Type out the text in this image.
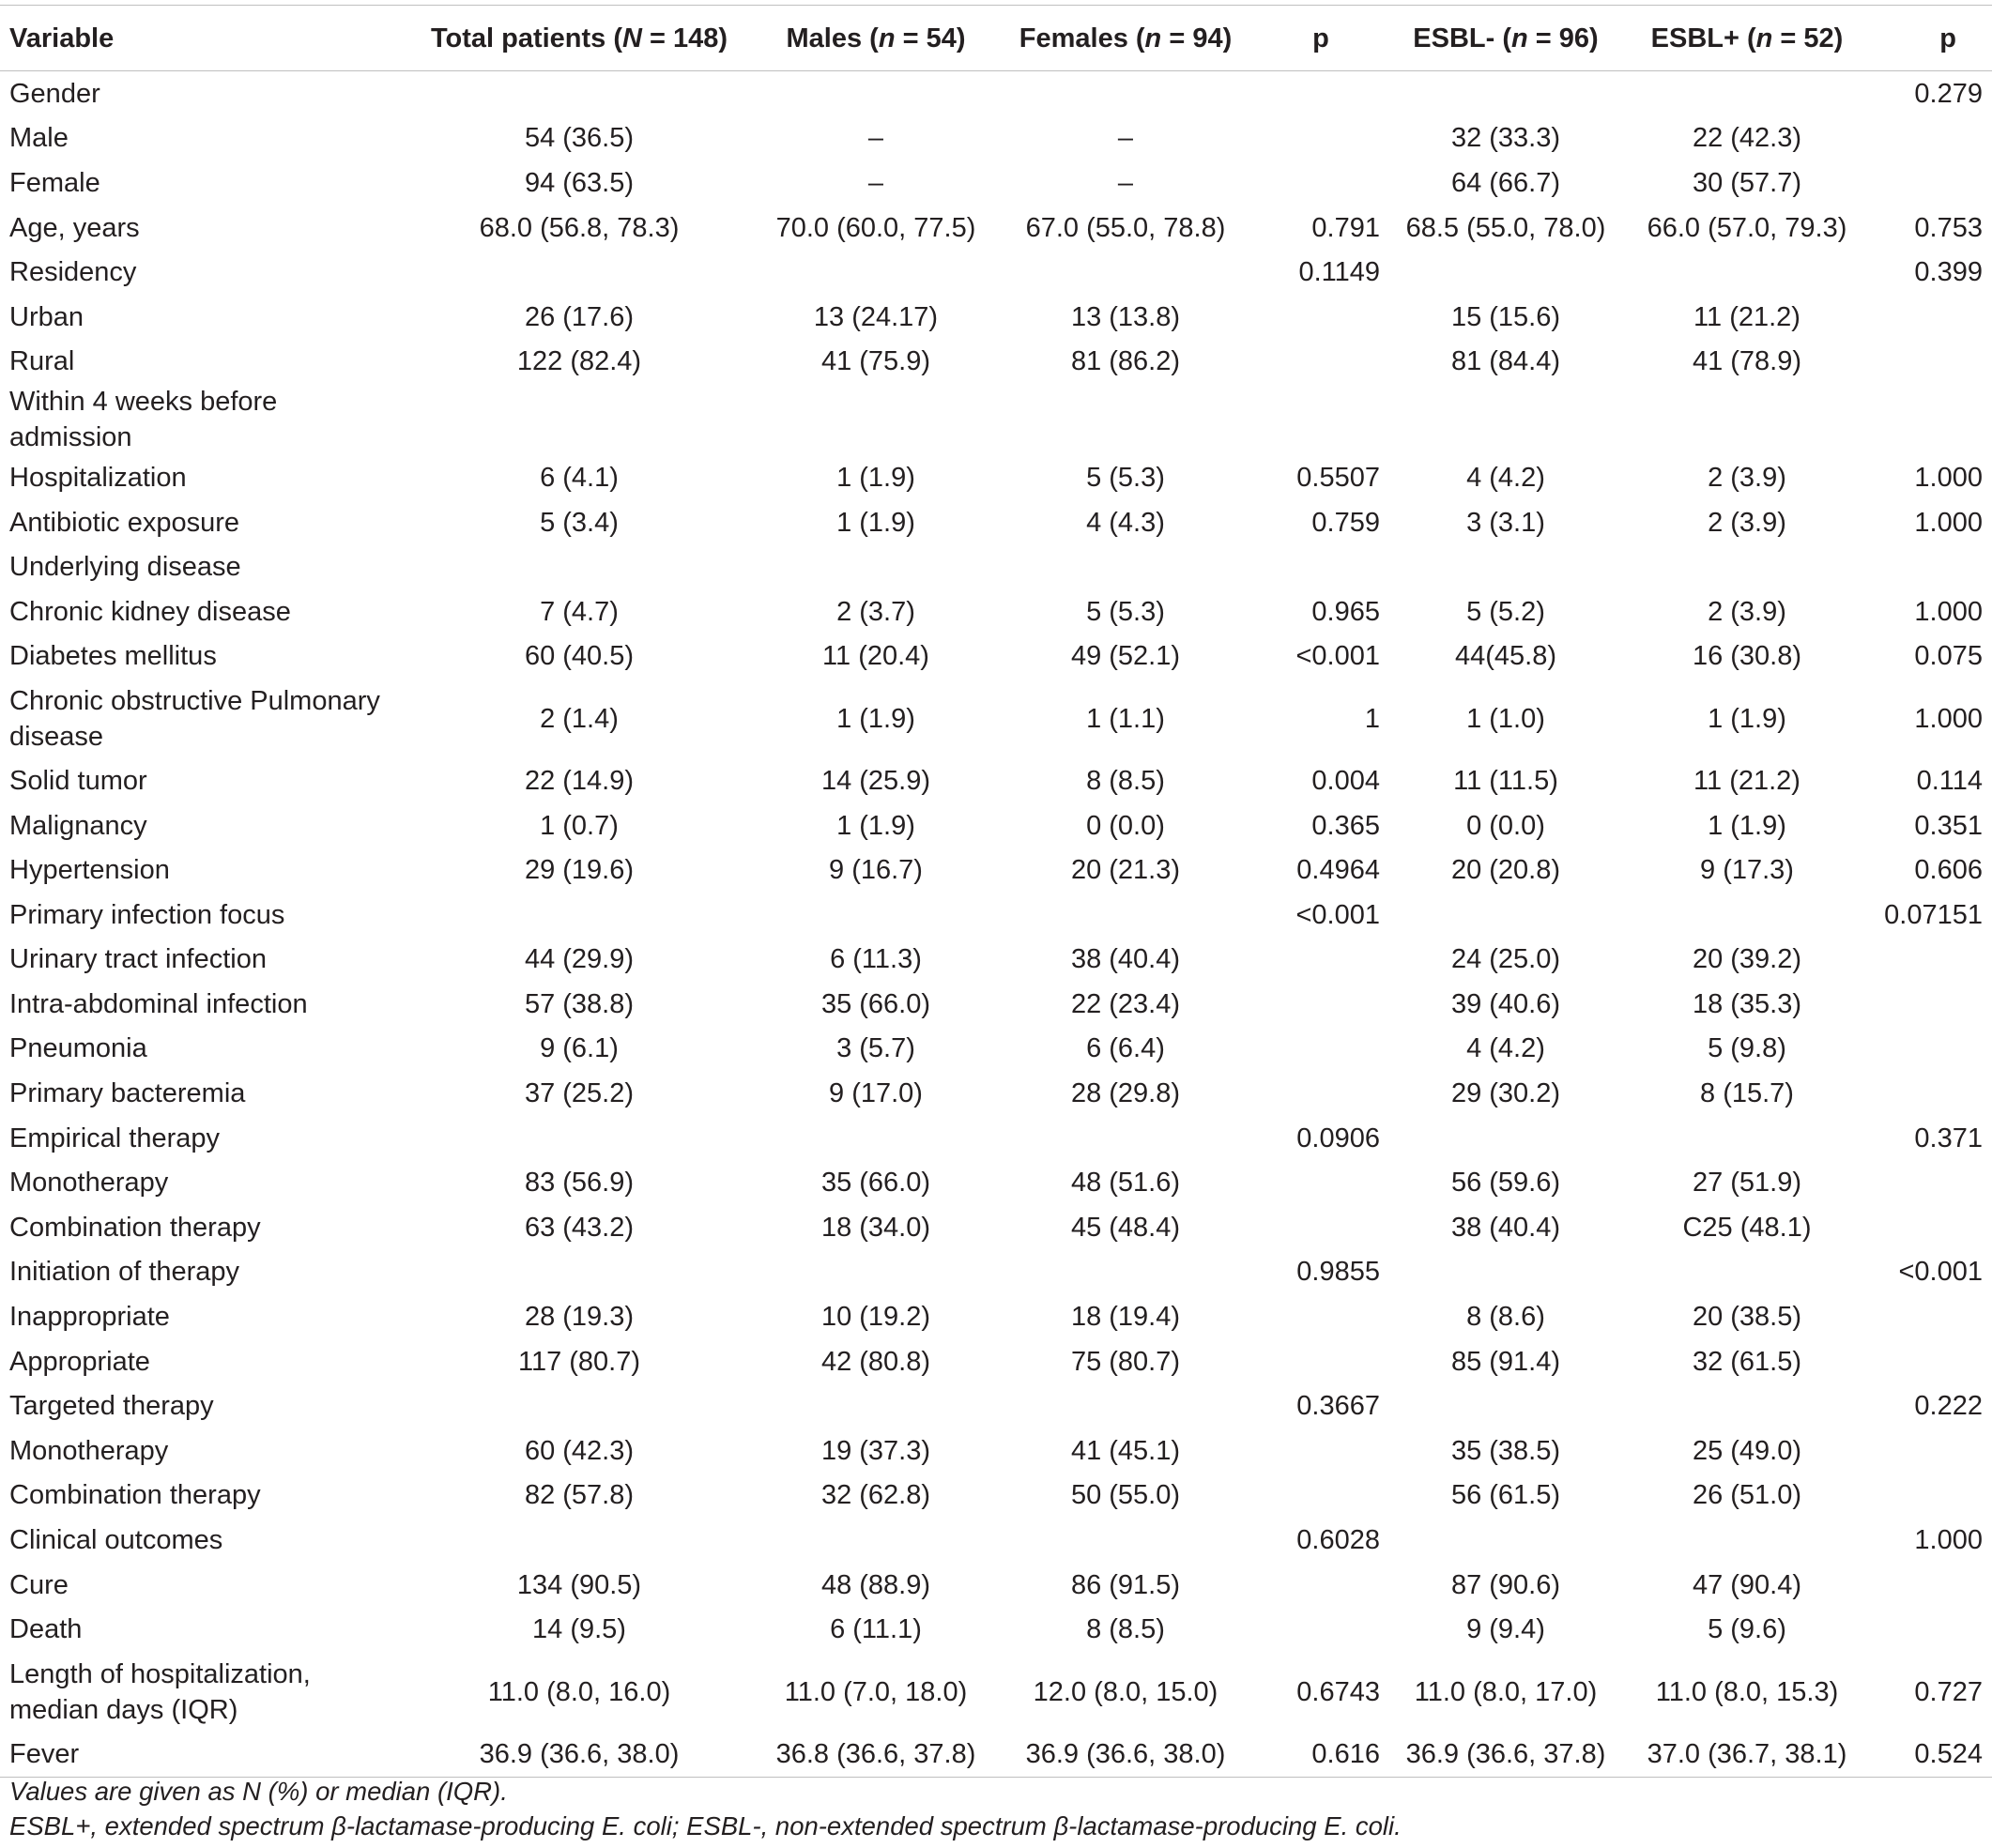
Variable	Total patients (N = 148)	Males (n = 54)	Females (n = 94)	p	ESBL- (n = 96)	ESBL+ (n = 52)	p
Gender							0.279
Male	54 (36.5)	–	–		32 (33.3)	22 (42.3)	
Female	94 (63.5)	–	–		64 (66.7)	30 (57.7)	
Age, years	68.0 (56.8, 78.3)	70.0 (60.0, 77.5)	67.0 (55.0, 78.8)	0.791	68.5 (55.0, 78.0)	66.0 (57.0, 79.3)	0.753
Residency				0.1149			0.399
Urban	26 (17.6)	13 (24.17)	13 (13.8)		15 (15.6)	11 (21.2)	
Rural	122 (82.4)	41 (75.9)	81 (86.2)		81 (84.4)	41 (78.9)	
Within 4 weeks before admission							
Hospitalization	6 (4.1)	1 (1.9)	5 (5.3)	0.5507	4 (4.2)	2 (3.9)	1.000
Antibiotic exposure	5 (3.4)	1 (1.9)	4 (4.3)	0.759	3 (3.1)	2 (3.9)	1.000
Underlying disease							
Chronic kidney disease	7 (4.7)	2 (3.7)	5 (5.3)	0.965	5 (5.2)	2 (3.9)	1.000
Diabetes mellitus	60 (40.5)	11 (20.4)	49 (52.1)	<0.001	44(45.8)	16 (30.8)	0.075
Chronic obstructive Pulmonary disease	2 (1.4)	1 (1.9)	1 (1.1)	1	1 (1.0)	1 (1.9)	1.000
Solid tumor	22 (14.9)	14 (25.9)	8 (8.5)	0.004	11 (11.5)	11 (21.2)	0.114
Malignancy	1 (0.7)	1 (1.9)	0 (0.0)	0.365	0 (0.0)	1 (1.9)	0.351
Hypertension	29 (19.6)	9 (16.7)	20 (21.3)	0.4964	20 (20.8)	9 (17.3)	0.606
Primary infection focus				<0.001			0.07151
Urinary tract infection	44 (29.9)	6 (11.3)	38 (40.4)		24 (25.0)	20 (39.2)	
Intra-abdominal infection	57 (38.8)	35 (66.0)	22 (23.4)		39 (40.6)	18 (35.3)	
Pneumonia	9 (6.1)	3 (5.7)	6 (6.4)		4 (4.2)	5 (9.8)	
Primary bacteremia	37 (25.2)	9 (17.0)	28 (29.8)		29 (30.2)	8 (15.7)	
Empirical therapy				0.0906			0.371
Monotherapy	83 (56.9)	35 (66.0)	48 (51.6)		56 (59.6)	27 (51.9)	
Combination therapy	63 (43.2)	18 (34.0)	45 (48.4)		38 (40.4)	C25 (48.1)	
Initiation of therapy				0.9855			<0.001
Inappropriate	28 (19.3)	10 (19.2)	18 (19.4)		8 (8.6)	20 (38.5)	
Appropriate	117 (80.7)	42 (80.8)	75 (80.7)		85 (91.4)	32 (61.5)	
Targeted therapy				0.3667			0.222
Monotherapy	60 (42.3)	19 (37.3)	41 (45.1)		35 (38.5)	25 (49.0)	
Combination therapy	82 (57.8)	32 (62.8)	50 (55.0)		56 (61.5)	26 (51.0)	
Clinical outcomes				0.6028			1.000
Cure	134 (90.5)	48 (88.9)	86 (91.5)		87 (90.6)	47 (90.4)	
Death	14 (9.5)	6 (11.1)	8 (8.5)		9 (9.4)	5 (9.6)	
Length of hospitalization, median days (IQR)	11.0 (8.0, 16.0)	11.0 (7.0, 18.0)	12.0 (8.0, 15.0)	0.6743	11.0 (8.0, 17.0)	11.0 (8.0, 15.3)	0.727
Fever	36.9 (36.6, 38.0)	36.8 (36.6, 37.8)	36.9 (36.6, 38.0)	0.616	36.9 (36.6, 37.8)	37.0 (36.7, 38.1)	0.524
Values are given as N (%) or median (IQR).
ESBL+, extended spectrum β-lactamase-producing E. coli; ESBL-, non-extended spectrum β-lactamase-producing E. coli.
